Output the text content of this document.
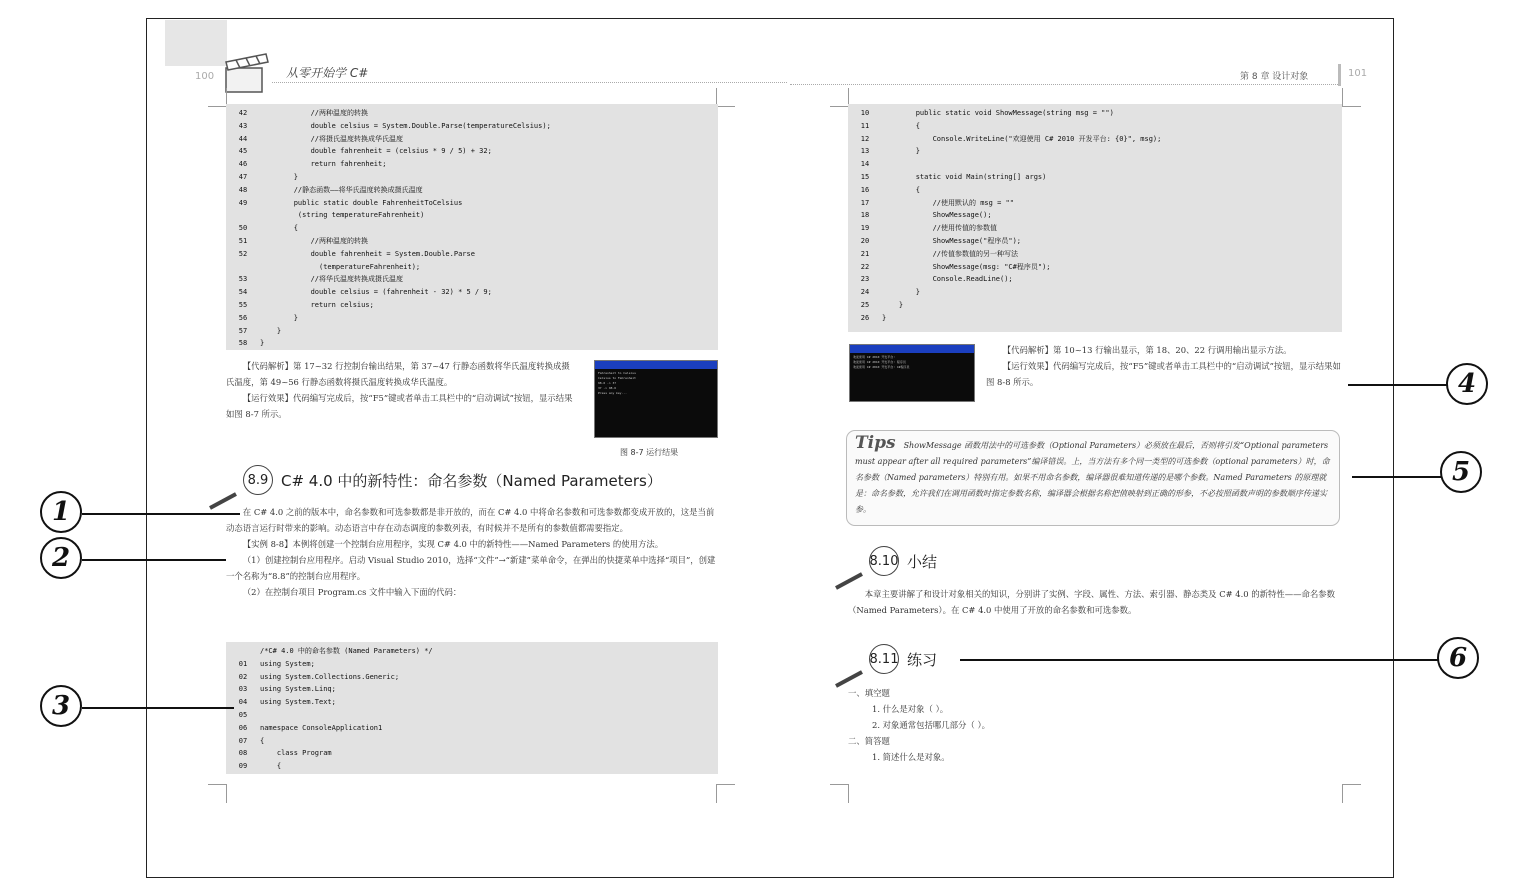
100	从零开始学 C#
42            //两种温度的转换
43            double celsius = System.Double.Parse(temperatureCelsius);
44            //将摄氏温度转换成华氏温度
45            double fahrenheit = (celsius * 9 / 5) + 32;
46            return fahrenheit;
47        }
48        //静态函数——将华氏温度转换成摄氏温度
49        public static double FahrenheitToCelsius
(string temperatureFahrenheit)
50        {
51            //两种温度的转换
52            double fahrenheit = System.Double.Parse
(temperatureFahrenheit);
53            //将华氏温度转换成摄氏温度
54            double celsius = (fahrenheit - 32) * 5 / 9;
55            return celsius;
56        }
57    }
58 }
Fahrenheit to Celsius
Celsius to Fahrenheit
98.6 -> 37
37 -> 98.6
Press any key...
图 8-7 运行结果

【代码解析】第 17~32 行控制台输出结果，第 37~47 行静态函数将华氏温度转换成摄氏温度，第 49~56 行静态函数将摄氏温度转换成华氏温度。

【运行效果】代码编写完成后，按“F5”键或者单击工具栏中的“启动调试”按钮，显示结果如图 8-7 所示。

8.9 C# 4.0 中的新特性：命名参数（Named Parameters）

在 C# 4.0 之前的版本中，命名参数和可选参数都是非开放的，而在 C# 4.0 中将命名参数和可选参数都变成开放的，这是当前动态语言运行时带来的影响。动态语言中存在动态调度的参数列表，有时候并不是所有的参数值都需要指定。

【实例 8-8】本例将创建一个控制台应用程序，实现 C# 4.0 中的新特性——Named Parameters 的使用方法。

（1）创建控制台应用程序。启动 Visual Studio 2010，选择“文件”→“新建”菜单命令，在弹出的快捷菜单中选择“项目”，创建一个名称为“8.8”的控制台应用程序。

（2）在控制台项目 Program.cs 文件中输入下面的代码：

/*C# 4.0 中的命名参数 (Named Parameters) */
01 using System;
02 using System.Collections.Generic;
03 using System.Linq;
04 using System.Text;
05
06 namespace ConsoleApplication1
07 {
08    class Program
09    {
第 8 章 设计对象	101
10        public static void ShowMessage(string msg = "")
11        {
12            Console.WriteLine("欢迎使用 C# 2010 开发平台: {0}", msg);
13        }
14
15        static void Main(string[] args)
16        {
17            //使用默认的 msg = ""
18            ShowMessage();
19            //使用传值的参数值
20            ShowMessage("程序员");
21            //传值参数值的另一种写法
22            ShowMessage(msg: "C#程序员");
23            Console.ReadLine();
24        }
25    }
26 }
欢迎使用 C# 2010 开发平台:
欢迎使用 C# 2010 开发平台: 程序员
欢迎使用 C# 2010 开发平台: C#程序员

【代码解析】第 10~13 行输出显示，第 18、20、22 行调用输出显示方法。

【运行效果】代码编写完成后，按“F5”键或者单击工具栏中的“启动调试”按钮，显示结果如图 8-8 所示。

Tips ShowMessage 函数用法中的可选参数（Optional Parameters）必须放在最后，否则将引发“Optional parameters must appear after all required parameters”编译错误。上，当方法有多个同一类型的可选参数（optional parameters）时，命名参数（Named parameters）特别有用。如果不用命名参数，编译器很难知道传递的是哪个参数。Named Parameters 的原理就是：命名参数，允许我们在调用函数时指定参数名称，编译器会根据名称把值映射到正确的形参，不必按照函数声明的参数顺序传递实参。
8.10 小结
本章主要讲解了和设计对象相关的知识，分别讲了实例、字段、属性、方法、索引器、静态类及 C# 4.0 的新特性——命名参数（Named Parameters）。在 C# 4.0 中使用了开放的命名参数和可选参数。
8.11 练习

一、填空题

1. 什么是对象（ ）。

2. 对象通常包括哪几部分（ ）。

二、简答题

1. 简述什么是对象。

1
2
3
4
5
6
